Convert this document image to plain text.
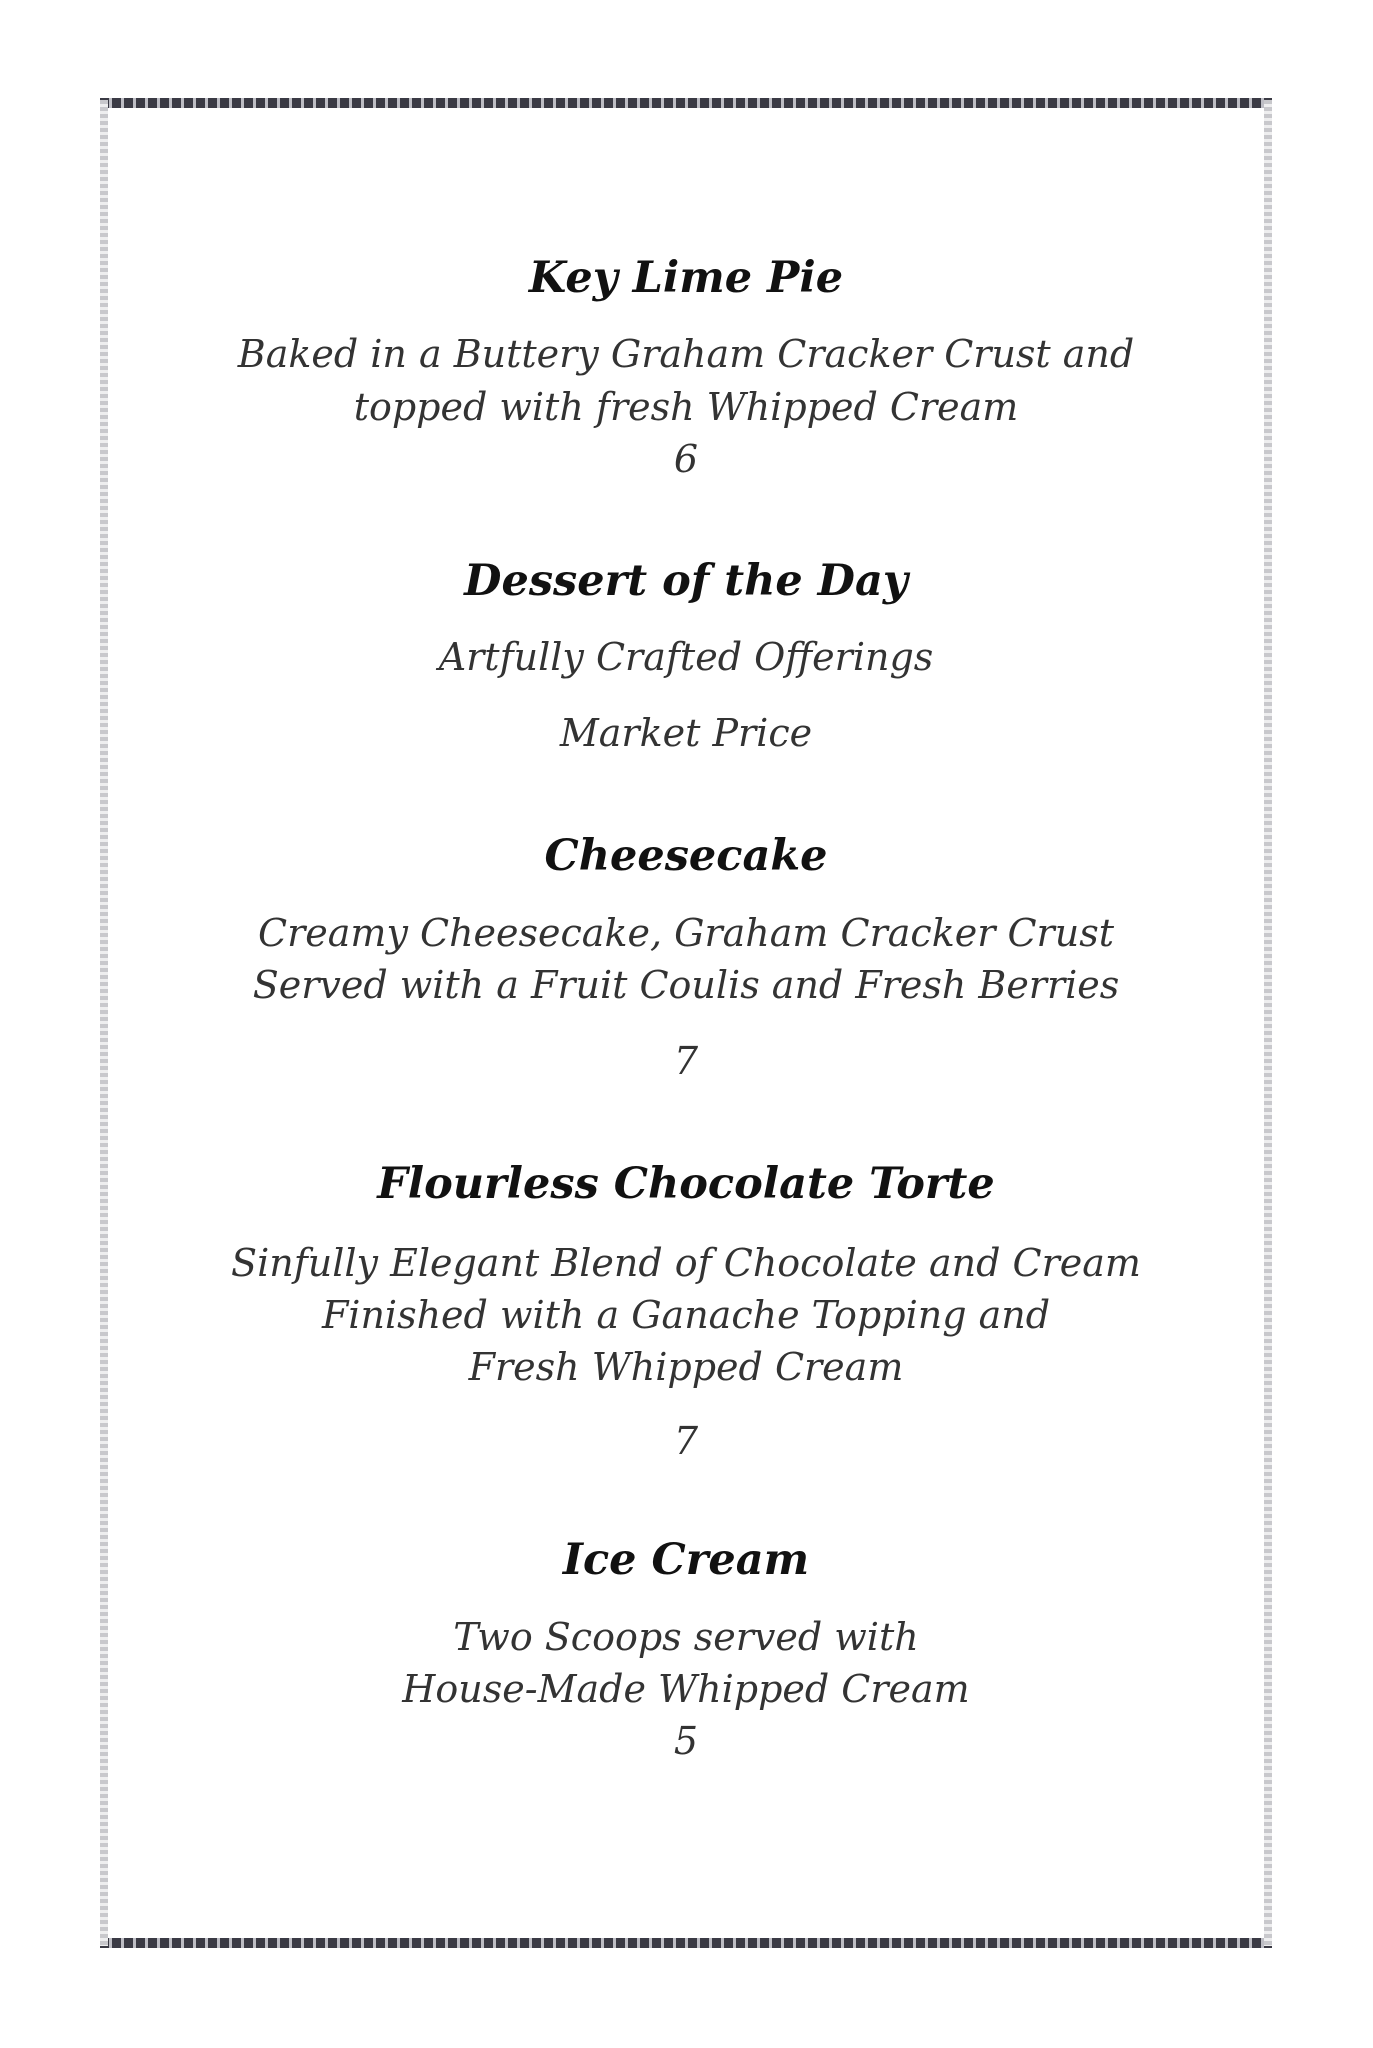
Key Lime Pie
Baked in a Buttery Graham Cracker Crust and
topped with fresh Whipped Cream
6
Dessert of the Day
Artfully Crafted Offerings
Market Price
Cheesecake
Creamy Cheesecake, Graham Cracker Crust
Served with a Fruit Coulis and Fresh Berries
7
Flourless Chocolate Torte
Sinfully Elegant Blend of Chocolate and Cream
Finished with a Ganache Topping and
Fresh Whipped Cream
7
Ice Cream
Two Scoops served with
House-Made Whipped Cream
5
